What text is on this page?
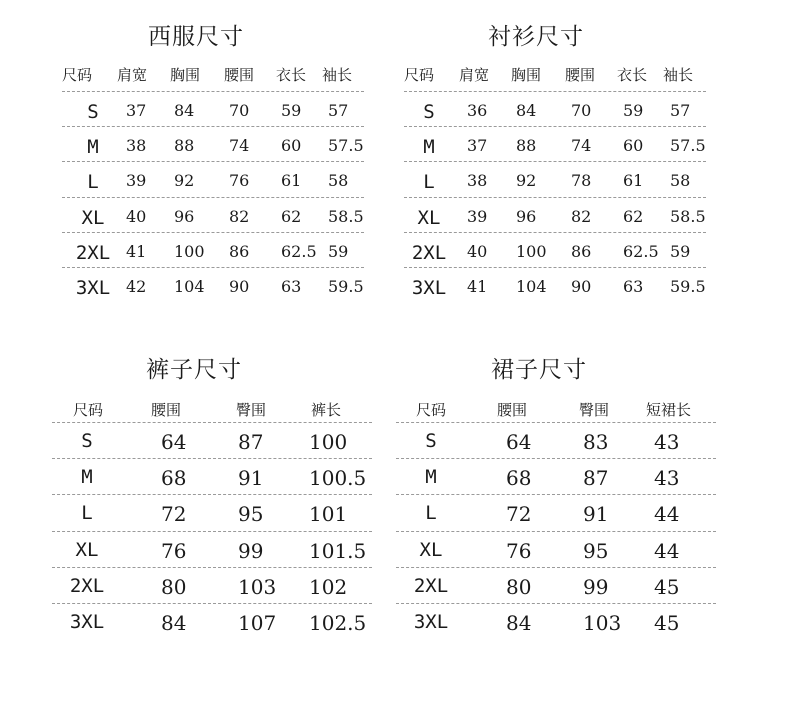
西服尺寸
尺码 肩宽 胸围 腰围 衣长 袖长
S	37 84 70 59 57
M	38 88 74 60 57.5
L	39 92 76 61 58
XL	40 96 82 62 58.5
2XL 41 100 86 62.5 59
3XL 42 104 90 63 59.5
衬衫尺寸
尺码 肩宽 胸围 腰围 衣长 袖长
S	36 84 70 59 57
M	37 88 74 60 57.5
L	38 92 78 61 58
XL	39 96 82 62 58.5
2XL 40 100 86 62.5 59
3XL 41 104 90 63 59.5
裤子尺寸
尺码	腰围	臀围	裤长
S	64	87 100
M	68	91 100.5
L	72	95 101
XL	76	99 101.5
2XL	80	103 102
3XL	84	107 102.5
裙子尺寸
尺码	腰围	臀围 短裙长
S	64	83 43
M	68	87 43
L	72	91 44
XL	76	95 44
2XL	80	99 45
3XL	84	103 45
